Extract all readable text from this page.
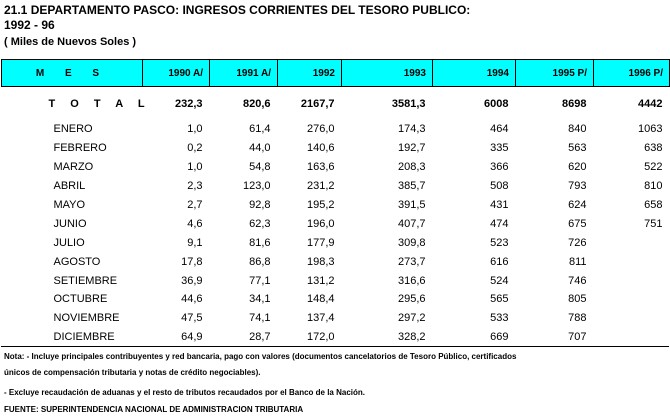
21.1 DEPARTAMENTO PASCO: INGRESOS CORRIENTES DEL TESORO PUBLICO:
1992 - 96
( Miles de Nuevos Soles )
M E S	1990 A/	1991 A/	1992	1993	1994	1995 P/	1996 P/
T O T A L	232,3	820,6	2167,7	3581,3	6008	8698	4442
ENERO	1,0	61,4	276,0	174,3	464	840	1063
FEBRERO	0,2	44,0	140,6	192,7	335	563	638
MARZO	1,0	54,8	163,6	208,3	366	620	522
ABRIL	2,3	123,0	231,2	385,7	508	793	810
MAYO	2,7	92,8	195,2	391,5	431	624	658
JUNIO	4,6	62,3	196,0	407,7	474	675	751
JULIO	9,1	81,6	177,9	309,8	523	726	
AGOSTO	17,8	86,8	198,3	273,7	616	811	
SETIEMBRE	36,9	77,1	131,2	316,6	524	746	
OCTUBRE	44,6	34,1	148,4	295,6	565	805	
NOVIEMBRE	47,5	74,1	137,4	297,2	533	788	
DICIEMBRE	64,9	28,7	172,0	328,2	669	707	
Nota: - Incluye principales contribuyentes y red bancaria, pago con valores (documentos cancelatorios de Tesoro Público, certificados
únicos de compensación tributaria y notas de crédito negociables).
- Excluye recaudación de aduanas y el resto de tributos recaudados por el Banco de la Nación.
FUENTE: SUPERINTENDENCIA NACIONAL DE ADMINISTRACION TRIBUTARIA
